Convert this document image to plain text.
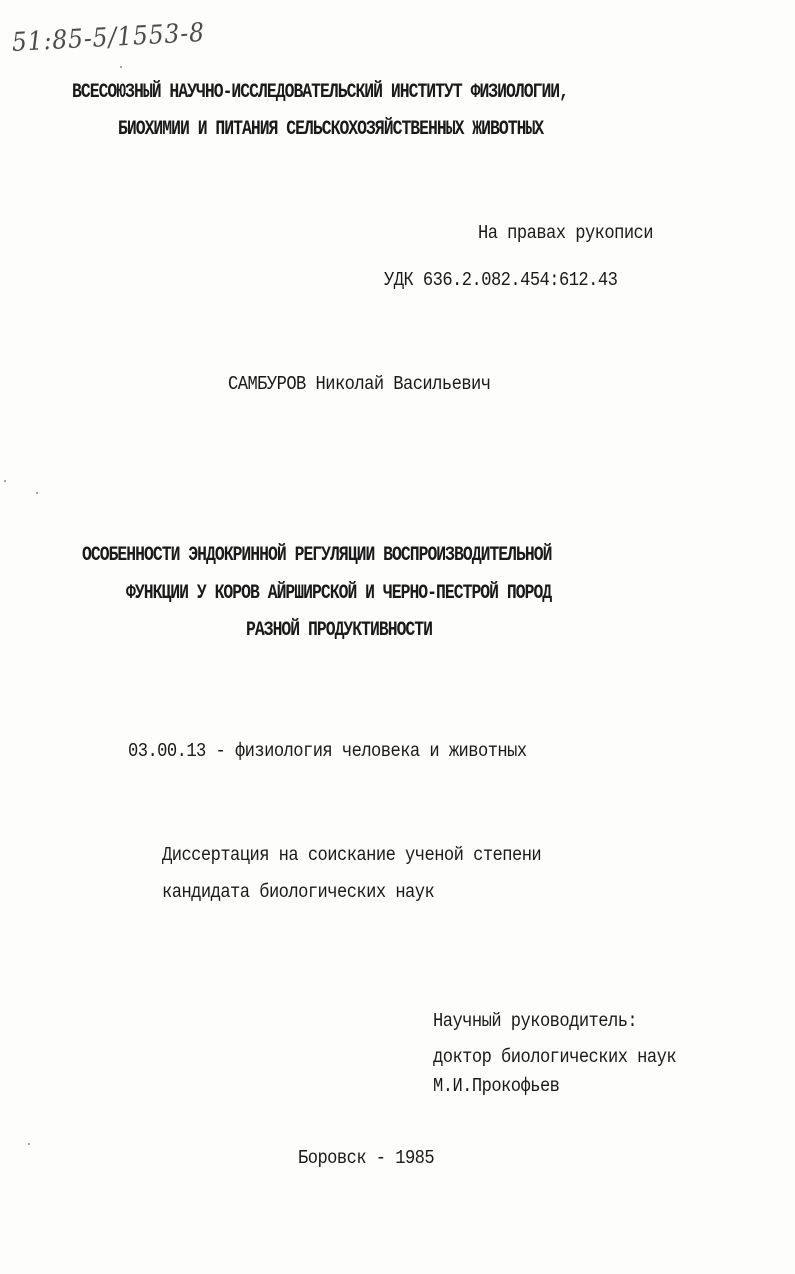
51:85-5/1553-8
ВСЕСОЮЗНЫЙ НАУЧНО-ИССЛЕДОВАТЕЛЬСКИЙ ИНСТИТУТ ФИЗИОЛОГИИ,
БИОХИМИИ И ПИТАНИЯ СЕЛЬСКОХОЗЯЙСТВЕННЫХ ЖИВОТНЫХ
На правах рукописи
УДК 636.2.082.454:612.43
САМБУРОВ Николай Васильевич
ОСОБЕННОСТИ ЭНДОКРИННОЙ РЕГУЛЯЦИИ ВОСПРОИЗВОДИТЕЛЬНОЙ
ФУНКЦИИ У КОРОВ АЙРШИРСКОЙ И ЧЕРНО-ПЕСТРОЙ ПОРОД
РАЗНОЙ ПРОДУКТИВНОСТИ
03.00.13 - физиология человека и животных
Диссертация на соискание ученой степени
кандидата биологических наук
Научный руководитель:
доктор биологических наук
М.И.Прокофьев
Боровск - 1985
